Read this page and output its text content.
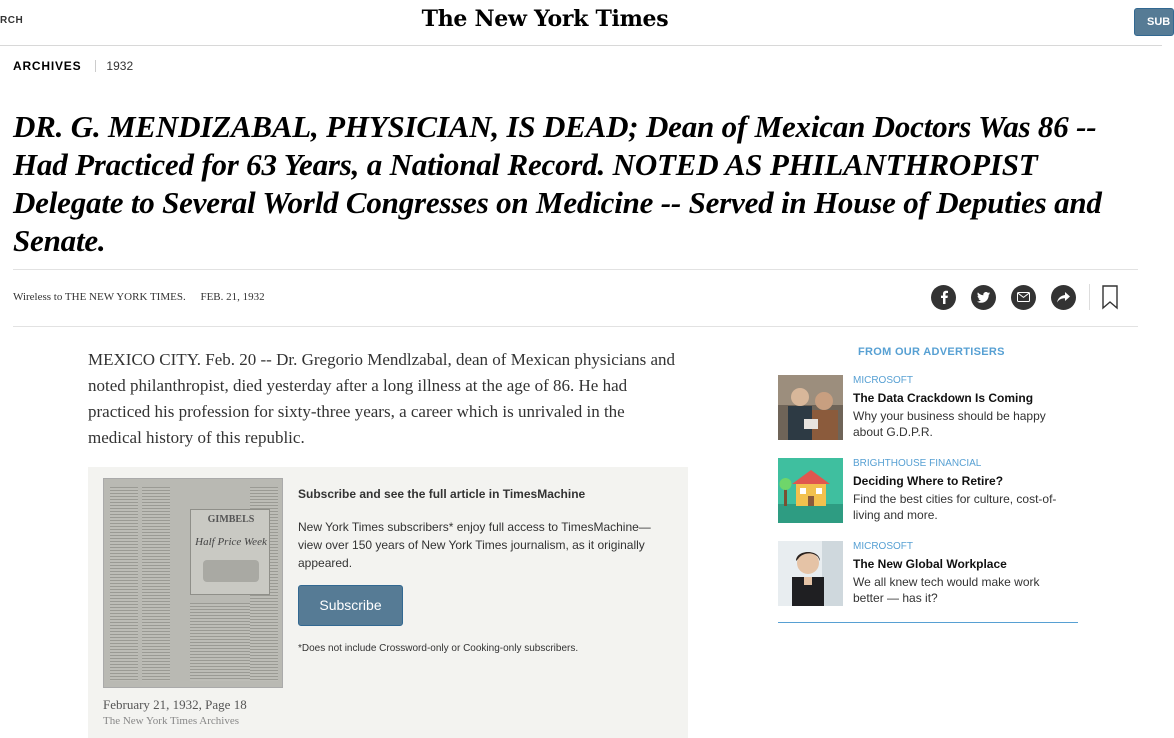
RCH	The New York Times	SUB
ARCHIVES 1932
DR. G. MENDIZABAL, PHYSICIAN, IS DEAD; Dean of Mexican Doctors Was 86 -- Had Practiced for 63 Years, a National Record. NOTED AS PHILANTHROPIST Delegate to Several World Congresses on Medicine -- Served in House of Deputies and Senate.
Wireless to THE NEW YORK TIMES. FEB. 21, 1932

MEXICO CITY. Feb. 20 -- Dr. Gregorio Mendlzabal, dean of Mexican physicians and noted philanthropist, died yesterday after a long illness at the age of 86. He had practiced his profession for sixty-three years, a career which is unrivaled in the medical history of this republic.

GIMBELS
Half Price Week
February 21, 1932, Page 18
The New York Times Archives
Subscribe and see the full article in TimesMachine
New York Times subscribers* enjoy full access to TimesMachine—view over 150 years of New York Times journalism, as it originally appeared.
Subscribe
*Does not include Crossword-only or Cooking-only subscribers.
FROM OUR ADVERTISERS
MICROSOFT
The Data Crackdown Is Coming
Why your business should be happy about G.D.P.R.
BRIGHTHOUSE FINANCIAL
Deciding Where to Retire?
Find the best cities for culture, cost-of-living and more.
MICROSOFT
The New Global Workplace
We all knew tech would make work better — has it?
